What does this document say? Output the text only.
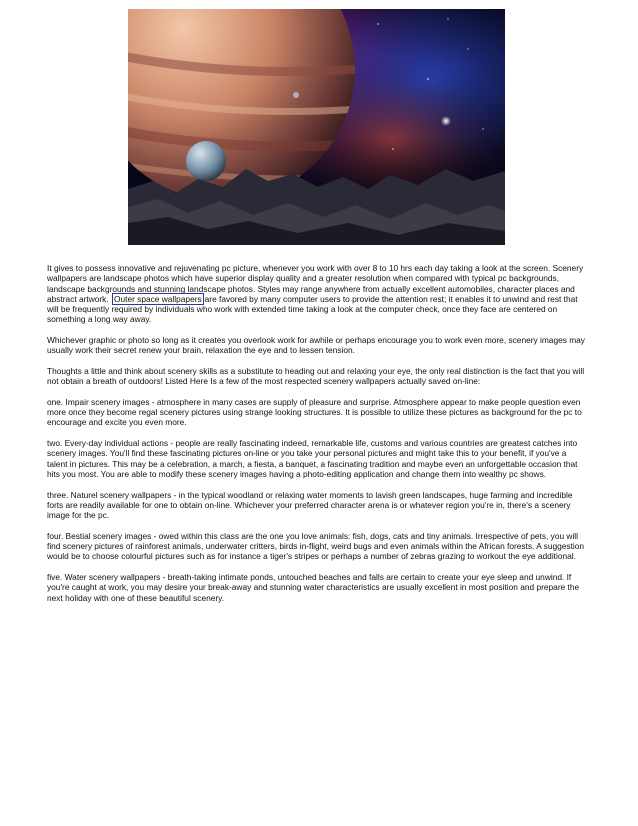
It gives to possess innovative and rejuvenating pc picture, whenever you work with over 8 to 10 hrs each day taking a look at the screen. Scenery wallpapers are landscape photos which have superior display quality and a greater resolution when compared with typical pc backgrounds, landscape backgrounds and stunning landscape photos. Styles may range anywhere from actually excellent automobiles, character places and abstract artwork. Outer space wallpapers are favored by many computer users to provide the attention rest; it enables it to unwind and rest that will be frequently required by individuals who work with extended time taking a look at the computer check, once they face are centered on something a long way away.

Whichever graphic or photo so long as it creates you overlook work for awhile or perhaps encourage you to work even more, scenery images may usually work their secret renew your brain, relaxation the eye and to lessen tension.

Thoughts a little and think about scenery skills as a substitute to heading out and relaxing your eye, the only real distinction is the fact that you will not obtain a breath of outdoors! Listed Here Is a few of the most respected scenery wallpapers actually saved on-line:

one. Impair scenery images - atmosphere in many cases are supply of pleasure and surprise. Atmosphere appear to make people question even more once they become regal scenery pictures using strange looking structures. It is possible to utilize these pictures as background for the pc to encourage and excite you even more.

two. Every-day individual actions - people are really fascinating indeed, remarkable life, customs and various countries are greatest catches into scenery images. You'll find these fascinating pictures on-line or you take your personal pictures and might take this to your benefit, if you've a talent in pictures. This may be a celebration, a march, a fiesta, a banquet, a fascinating tradition and maybe even an unforgettable occasion that hits you most. You are able to modify these scenery images having a photo-editing application and change them into wealthy pc shows.

three. Naturel scenery wallpapers - in the typical woodland or relaxing water moments to lavish green landscapes, huge farming and incredible forts are readily available for one to obtain on-line. Whichever your preferred character arena is or whatever region you're in, there's a scenery image for the pc.

four. Bestial scenery images - owed within this class are the one you love animals: fish, dogs, cats and tiny animals. Irrespective of pets, you will find scenery pictures of rainforest animals, underwater critters, birds in-flight, weird bugs and even animals within the African forests. A suggestion would be to choose colourful pictures such as for instance a tiger's stripes or perhaps a number of zebras grazing to workout the eye additional.

five. Water scenery wallpapers - breath-taking intimate ponds, untouched beaches and falls are certain to create your eye sleep and unwind. If you're caught at work, you may desire your break-away and stunning water characteristics are usually excellent in most position and prepare the next holiday with one of these beautiful scenery.
